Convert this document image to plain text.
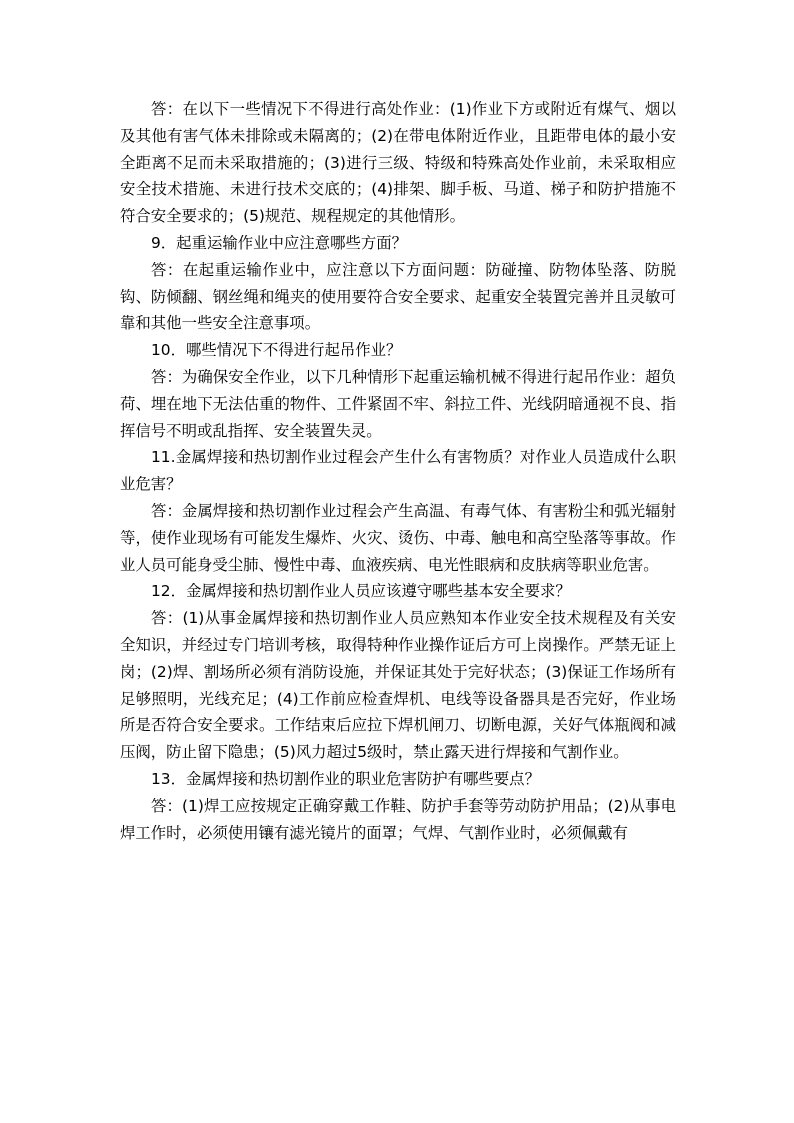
答：在以下一些情况下不得进行高处作业：(1)作业下方或附近有煤气、烟以及其他有害气体未排除或未隔离的；(2)在带电体附近作业，且距带电体的最小安全距离不足而未采取措施的；(3)进行三级、特级和特殊高处作业前，未采取相应安全技术措施、未进行技术交底的；(4)排架、脚手板、马道、梯子和防护措施不符合安全要求的；(5)规范、规程规定的其他情形。

9．起重运输作业中应注意哪些方面？

答：在起重运输作业中，应注意以下方面问题：防碰撞、防物体坠落、防脱钩、防倾翻、钢丝绳和绳夹的使用要符合安全要求、起重安全装置完善并且灵敏可靠和其他一些安全注意事项。

10．哪些情况下不得进行起吊作业？

答：为确保安全作业，以下几种情形下起重运输机械不得进行起吊作业：超负荷、埋在地下无法估重的物件、工件紧固不牢、斜拉工件、光线阴暗通视不良、指挥信号不明或乱指挥、安全装置失灵。

11.金属焊接和热切割作业过程会产生什么有害物质？对作业人员造成什么职业危害？

答：金属焊接和热切割作业过程会产生高温、有毒气体、有害粉尘和弧光辐射等，使作业现场有可能发生爆炸、火灾、烫伤、中毒、触电和高空坠落等事故。作业人员可能身受尘肺、慢性中毒、血液疾病、电光性眼病和皮肤病等职业危害。

12．金属焊接和热切割作业人员应该遵守哪些基本安全要求？

答：(1)从事金属焊接和热切割作业人员应熟知本作业安全技术规程及有关安全知识，并经过专门培训考核，取得特种作业操作证后方可上岗操作。严禁无证上岗；(2)焊、割场所必须有消防设施，并保证其处于完好状态；(3)保证工作场所有足够照明，光线充足；(4)工作前应检查焊机、电线等设备器具是否完好，作业场所是否符合安全要求。工作结束后应拉下焊机闸刀、切断电源，关好气体瓶阀和减压阀，防止留下隐患；(5)风力超过5级时，禁止露天进行焊接和气割作业。

13．金属焊接和热切割作业的职业危害防护有哪些要点？

答：(1)焊工应按规定正确穿戴工作鞋、防护手套等劳动防护用品；(2)从事电焊工作时，必须使用镶有滤光镜片的面罩；气焊、气割作业时，必须佩戴有
